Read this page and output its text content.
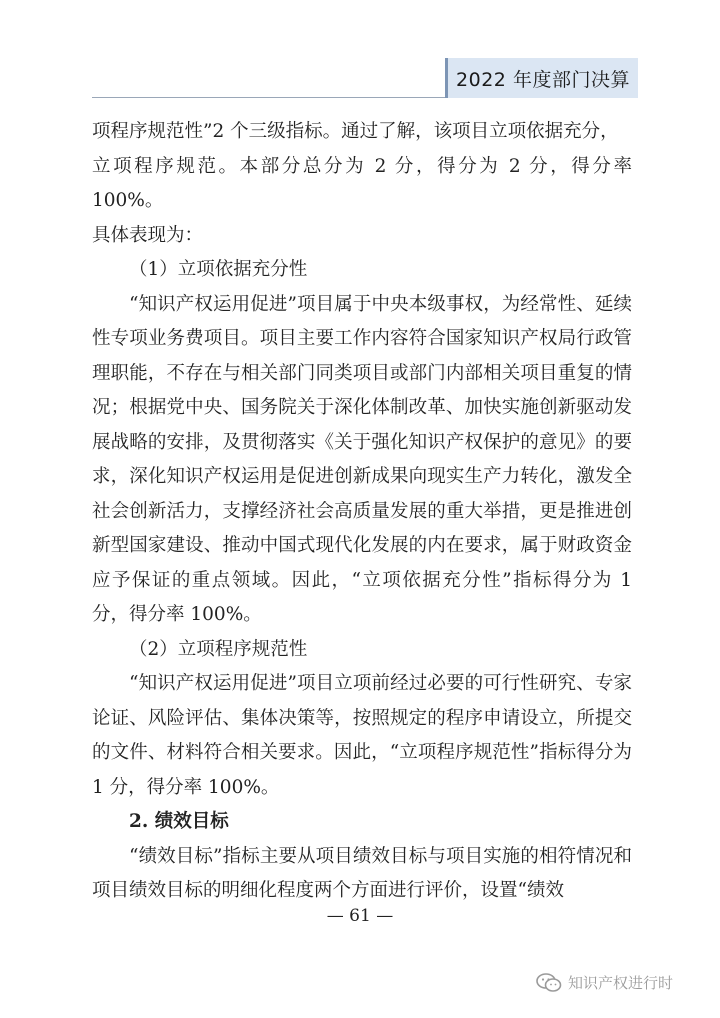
2022 年度部门决算

项程序规范性”2 个三级指标。通过了解，该项目立项依据充分，

立项程序规范。本部分总分为 2 分，得分为 2 分，得分率 100%。

具体表现为：

（1）立项依据充分性

“知识产权运用促进”项目属于中央本级事权，为经常性、延续性专项业务费项目。项目主要工作内容符合国家知识产权局行政管理职能，不存在与相关部门同类项目或部门内部相关项目重复的情况；根据党中央、国务院关于深化体制改革、加快实施创新驱动发展战略的安排，及贯彻落实《关于强化知识产权保护的意见》的要求，深化知识产权运用是促进创新成果向现实生产力转化，激发全社会创新活力，支撑经济社会高质量发展的重大举措，更是推进创新型国家建设、推动中国式现代化发展的内在要求，属于财政资金应予保证的重点领域。因此，“立项依据充分性”指标得分为 1 分，得分率 100%。

（2）立项程序规范性

“知识产权运用促进”项目立项前经过必要的可行性研究、专家论证、风险评估、集体决策等，按照规定的程序申请设立，所提交的文件、材料符合相关要求。因此，“立项程序规范性”指标得分为 1 分，得分率 100%。

2. 绩效目标

“绩效目标”指标主要从项目绩效目标与项目实施的相符情况和项目绩效目标的明细化程度两个方面进行评价，设置“绩效

— 61 —
知识产权进行时
